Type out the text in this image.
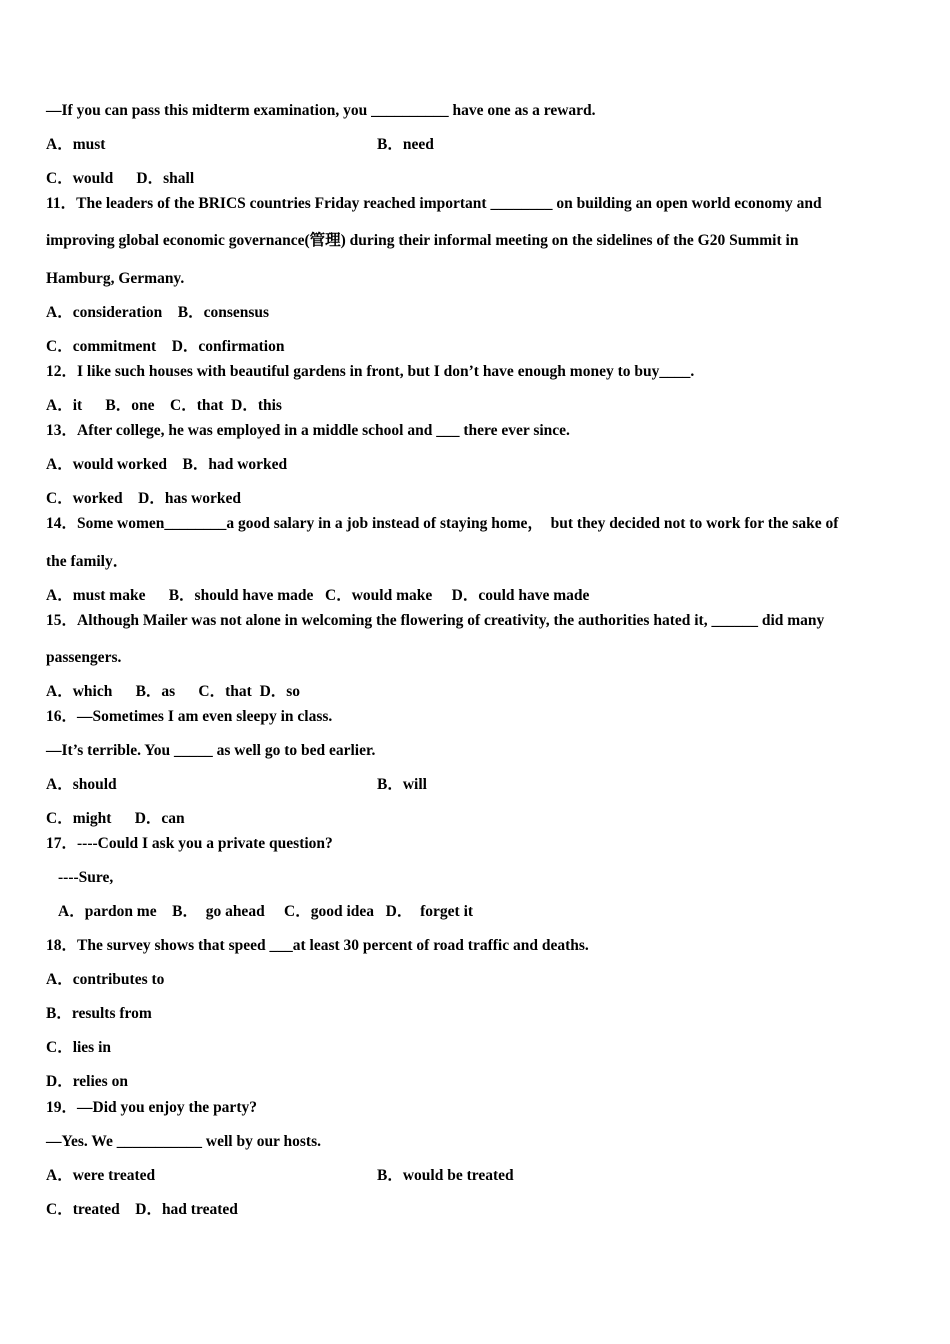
—If you can pass this midterm examination, you __________ have one as a reward.
A．must	B．need
C．would      D．shall
11．The leaders of the BRICS countries Friday reached important ________ on building an open world economy and
improving global economic governance(管理) during their informal meeting on the sidelines of the G20 Summit in
Hamburg, Germany.
A．consideration    B．consensus
C．commitment    D．confirmation
12．I like such houses with beautiful gardens in front, but I don’t have enough money to buy____.
A．it      B．one    C．that  D．this
13．After college, he was employed in a middle school and ___ there ever since.
A．would worked    B．had worked
C．worked    D．has worked
14．Some women________a good salary in a job instead of staying home，  but they decided not to work for the sake of
the family．
A．must make      B．should have made   C．would make     D．could have made
15．Although Mailer was not alone in welcoming the flowering of creativity, the authorities hated it, ______ did many
passengers.
A．which      B．as      C．that  D．so
16．—Sometimes I am even sleepy in class.
—It’s terrible. You _____ as well go to bed earlier.
A．should	B．will
C．might      D．can
17．----Could I ask you a private question?
----Sure,
A．pardon me    B．  go ahead     C．good idea   D．  forget it
18．The survey shows that speed ___at least 30 percent of road traffic and deaths.
A．contributes to
B．results from
C．lies in
D．relies on
19．—Did you enjoy the party?
—Yes. We ___________ well by our hosts.
A．were treated	B．would be treated
C．treated    D．had treated
